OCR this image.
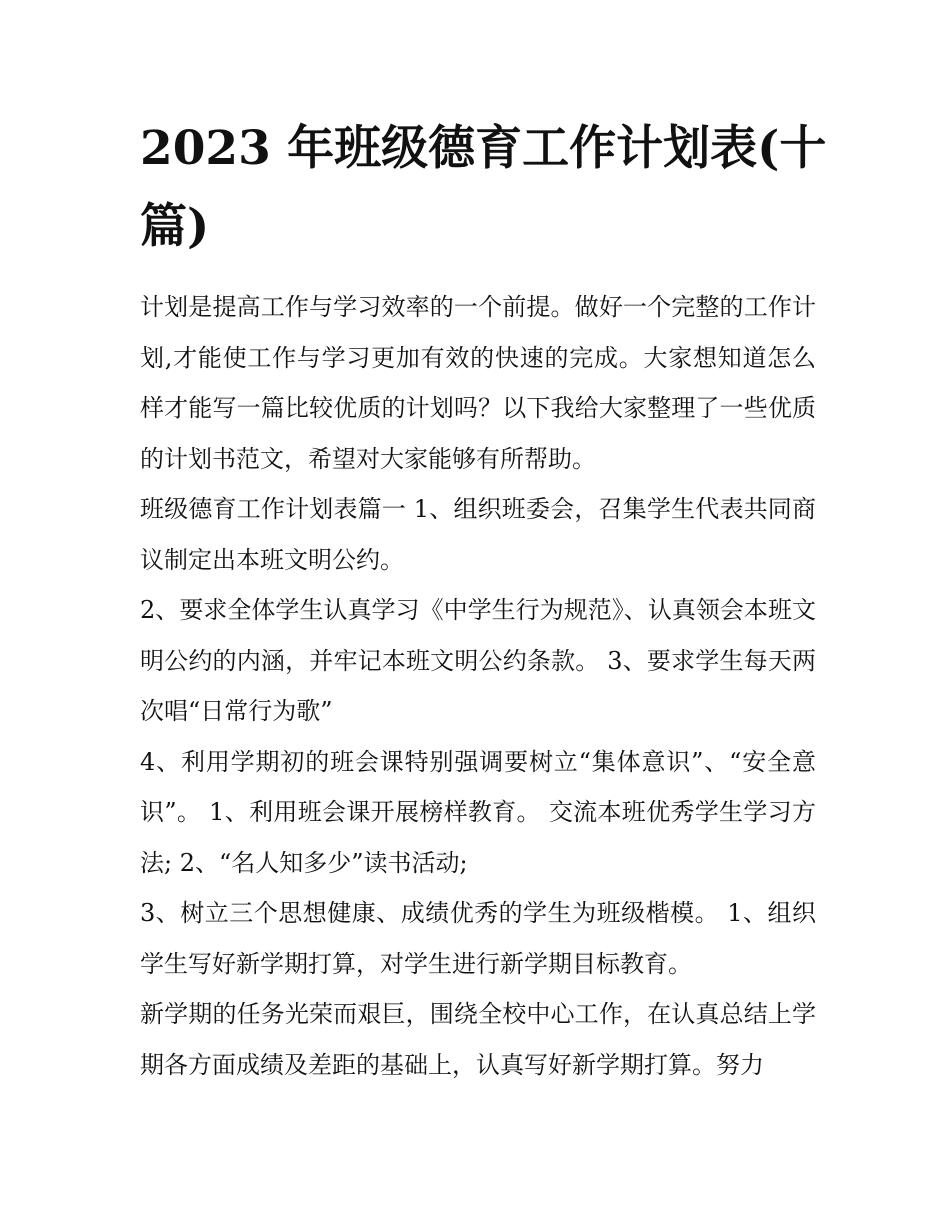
2023 年班级德育工作计划表(十篇)

计划是提高工作与学习效率的一个前提。做好一个完整的工作计划,才能使工作与学习更加有效的快速的完成。大家想知道怎么样才能写一篇比较优质的计划吗？以下我给大家整理了一些优质的计划书范文，希望对大家能够有所帮助。

班级德育工作计划表篇一 1、组织班委会，召集学生代表共同商议制定出本班文明公约。

2、要求全体学生认真学习《中学生行为规范》、认真领会本班文明公约的内涵，并牢记本班文明公约条款。 3、要求学生每天两次唱“日常行为歌”

4、利用学期初的班会课特别强调要树立“集体意识”、“安全意识”。 1、利用班会课开展榜样教育。 交流本班优秀学生学习方法; 2、“名人知多少”读书活动;

3、树立三个思想健康、成绩优秀的学生为班级楷模。 1、组织学生写好新学期打算，对学生进行新学期目标教育。

新学期的任务光荣而艰巨，围绕全校中心工作，在认真总结上学期各方面成绩及差距的基础上，认真写好新学期打算。努力
